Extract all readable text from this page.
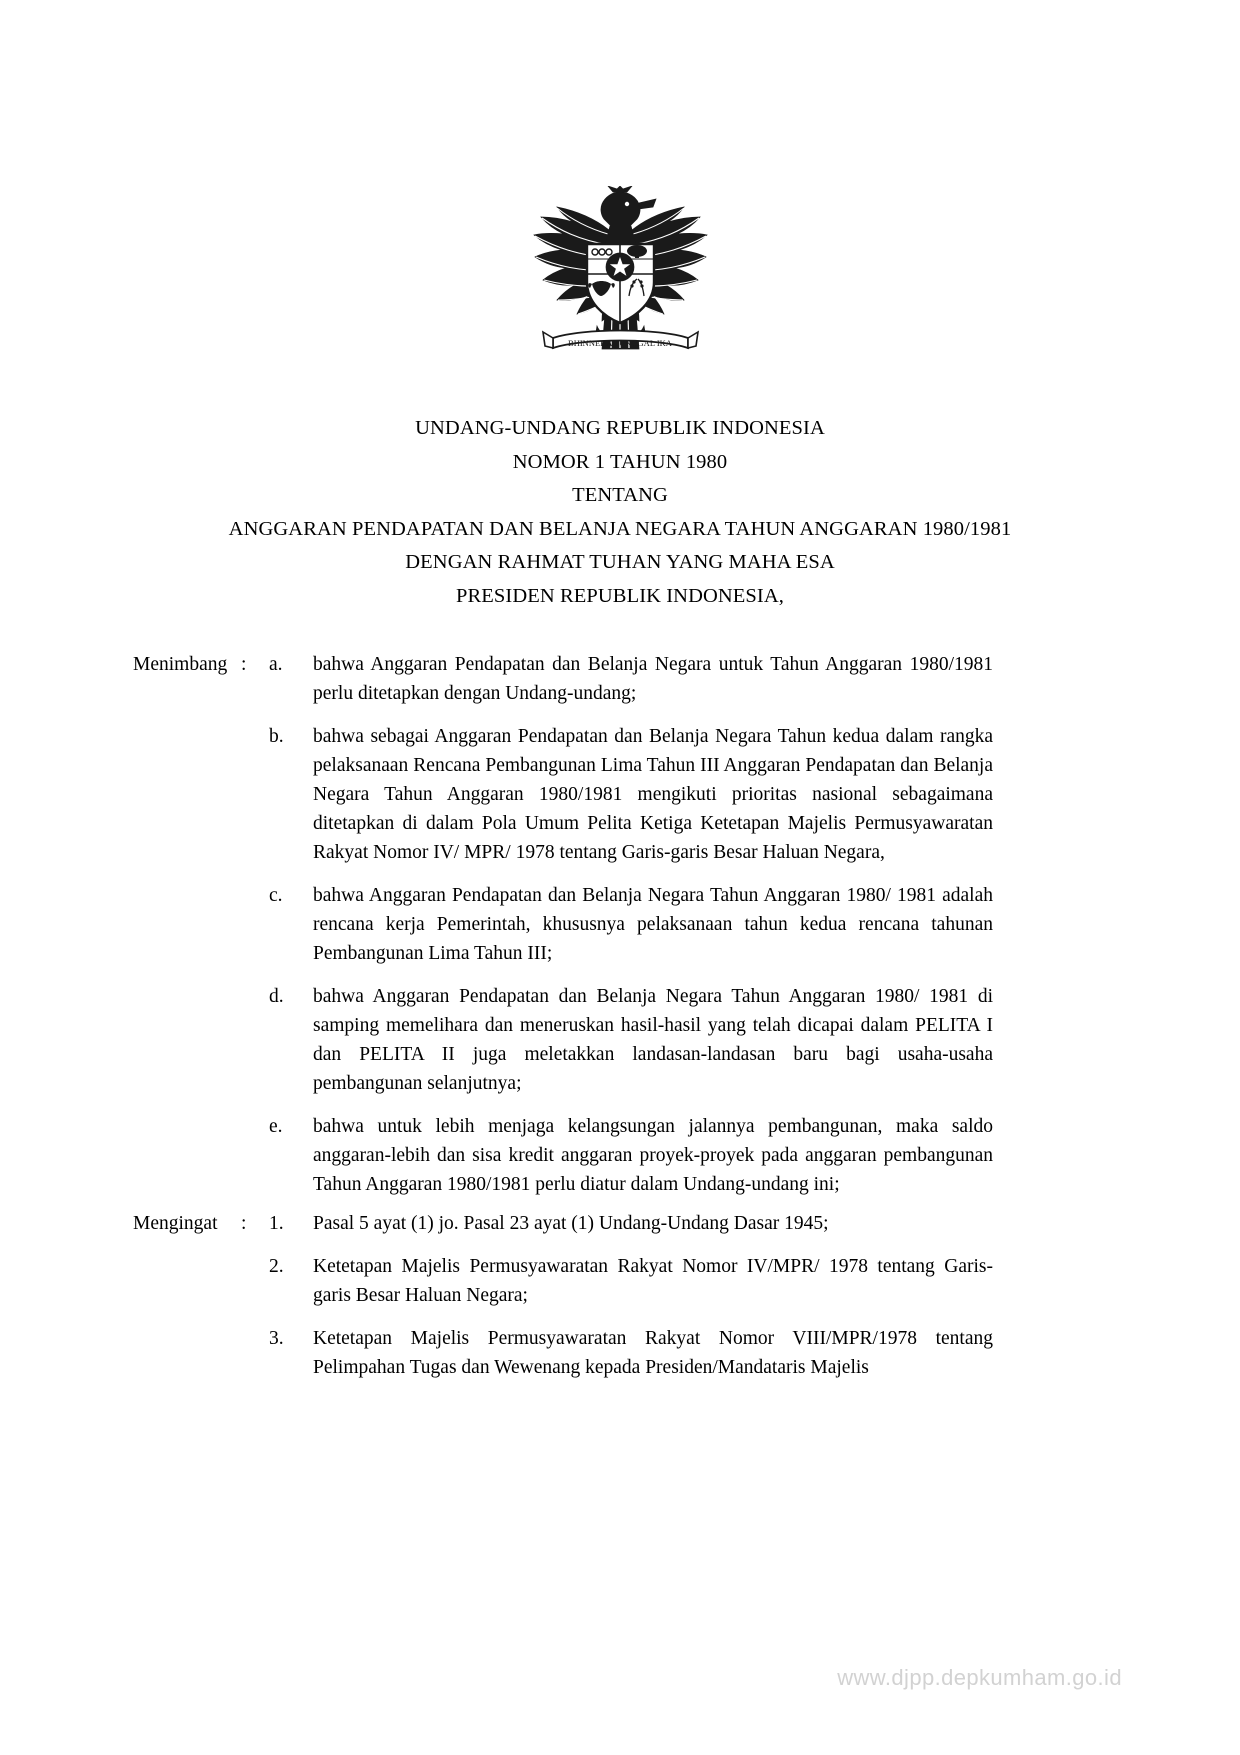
BHINNEKA TUNGGAL IKA
UNDANG-UNDANG REPUBLIK INDONESIA
NOMOR 1 TAHUN 1980
TENTANG
ANGGARAN PENDAPATAN DAN BELANJA NEGARA TAHUN ANGGARAN 1980/1981
DENGAN RAHMAT TUHAN YANG MAHA ESA
PRESIDEN REPUBLIK INDONESIA,
Menimbang :	a.	bahwa Anggaran Pendapatan dan Belanja Negara untuk Tahun Anggaran 1980/1981 perlu ditetapkan dengan Undang-undang;
b.	bahwa sebagai Anggaran Pendapatan dan Belanja Negara Tahun kedua dalam rangka pelaksanaan Rencana Pembangunan Lima Tahun III Anggaran Pendapatan dan Belanja Negara Tahun Anggaran 1980/1981 mengikuti prioritas nasional sebagaimana ditetapkan di dalam Pola Umum Pelita Ketiga Ketetapan Majelis Permusyawaratan Rakyat Nomor IV/ MPR/ 1978 tentang Garis-garis Besar Haluan Negara,
c.	bahwa Anggaran Pendapatan dan Belanja Negara Tahun Anggaran 1980/ 1981 adalah rencana kerja Pemerintah, khususnya pelaksanaan tahun kedua rencana tahunan Pembangunan Lima Tahun III;
d.	bahwa Anggaran Pendapatan dan Belanja Negara Tahun Anggaran 1980/ 1981 di samping memelihara dan meneruskan hasil-hasil yang telah dicapai dalam PELITA I dan PELITA II juga meletakkan landasan-landasan baru bagi usaha-usaha pembangunan selanjutnya;
e.	bahwa untuk lebih menjaga kelangsungan jalannya pembangunan, maka saldo anggaran-lebih dan sisa kredit anggaran proyek-proyek pada anggaran pembangunan Tahun Anggaran 1980/1981 perlu diatur dalam Undang-undang ini;
Mengingat	:	1.	Pasal 5 ayat (1) jo. Pasal 23 ayat (1) Undang-Undang Dasar 1945;
2.	Ketetapan Majelis Permusyawaratan Rakyat Nomor IV/MPR/ 1978 tentang Garis-garis Besar Haluan Negara;
3.	Ketetapan Majelis Permusyawaratan Rakyat Nomor VIII/MPR/1978 tentang Pelimpahan Tugas dan Wewenang kepada Presiden/Mandataris Majelis
www.djpp.depkumham.go.id
